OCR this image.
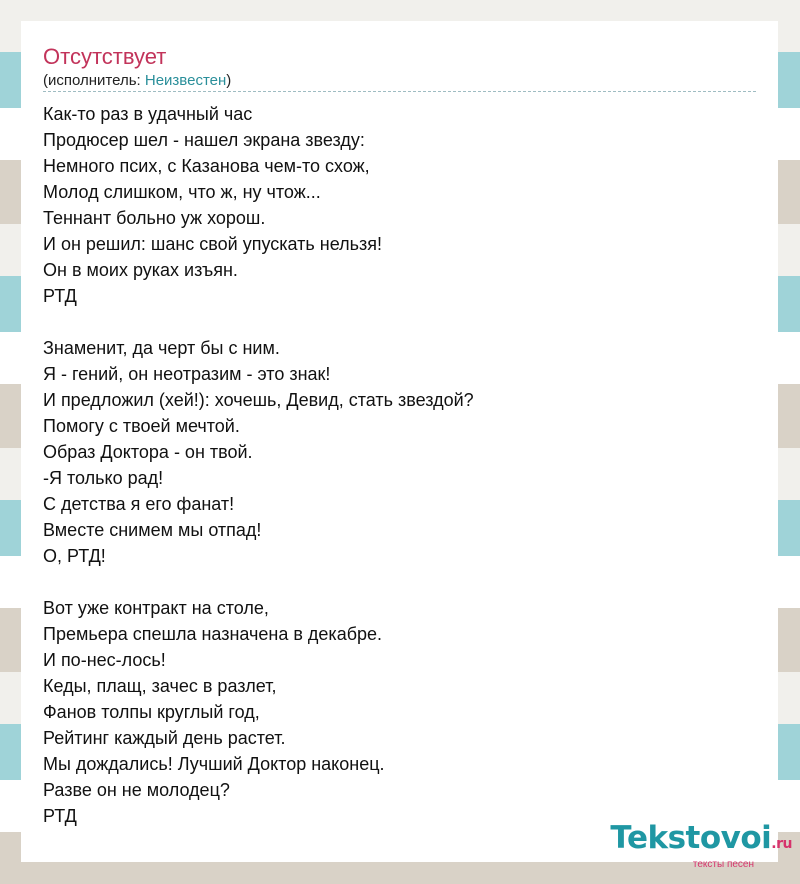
Отсутствует

(исполнитель: Неизвестен)

Как-то раз в удачный час
Продюсер шел - нашел экрана звезду:
Немного псих, с Казанова чем-то схож,
Молод слишком, что ж, ну чтож...
Теннант больно уж хорош.
И он решил: шанс свой упускать нельзя!
Он в моих руках изъян.
РТД
Знаменит, да черт бы с ним.
Я - гений, он неотразим - это знак!
И предложил (хей!): хочешь, Девид, стать звездой?
Помогу с твоей мечтой.
Образ Доктора - он твой.
-Я только рад!
С детства я его фанат!
Вместе снимем мы отпад!
О, РТД!
Вот уже контракт на столе,
Премьера спешла назначена в декабре.
И по-нес-лось!
Кеды, плащ, зачес в разлет,
Фанов толпы круглый год,
Рейтинг каждый день растет.
Мы дождались! Лучший Доктор наконец.
Разве он не молодец?
РТД
Tekstovoi.ru
тексты песен
